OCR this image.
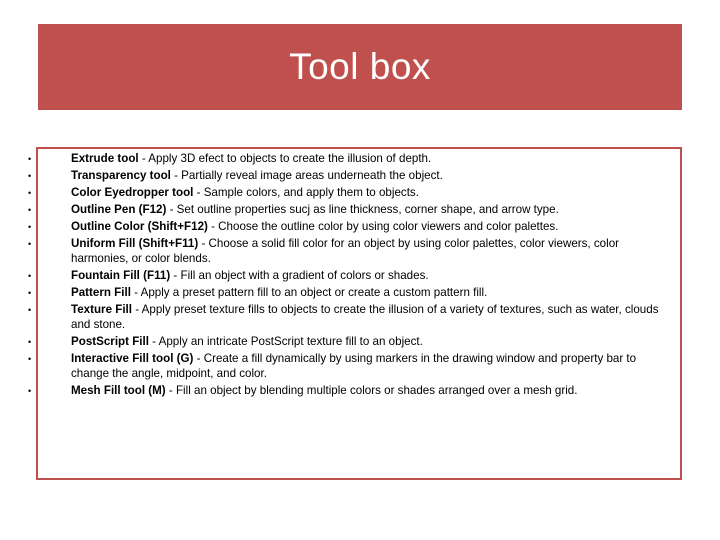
Tool box
•	Extrude tool - Apply 3D efect to objects to create the illusion of depth.
•	Transparency tool - Partially reveal image areas underneath the object.
•	Color Eyedropper tool - Sample colors, and apply them to objects.
•	Outline Pen (F12) - Set outline properties sucj as line thickness, corner shape, and arrow type.
•	Outline Color (Shift+F12) - Choose the outline color by using color viewers and color palettes.
•	Uniform Fill (Shift+F11) - Choose a solid fill color for an object by using color palettes, color viewers, color harmonies, or color blends.
•	Fountain Fill (F11) - Fill an object with a gradient of colors or shades.
•	Pattern Fill - Apply a preset pattern fill to an object or create a custom pattern fill.
•	Texture Fill - Apply preset texture fills to objects to create the illusion of a variety of textures, such as water, clouds and stone.
•	PostScript Fill - Apply an intricate PostScript texture fill to an object.
•	Interactive Fill tool (G) - Create a fill dynamically by using markers in the drawing window and property bar to change the angle, midpoint, and color.
•	Mesh Fill tool (M) - Fill an object by blending multiple colors or shades arranged over a mesh grid.
